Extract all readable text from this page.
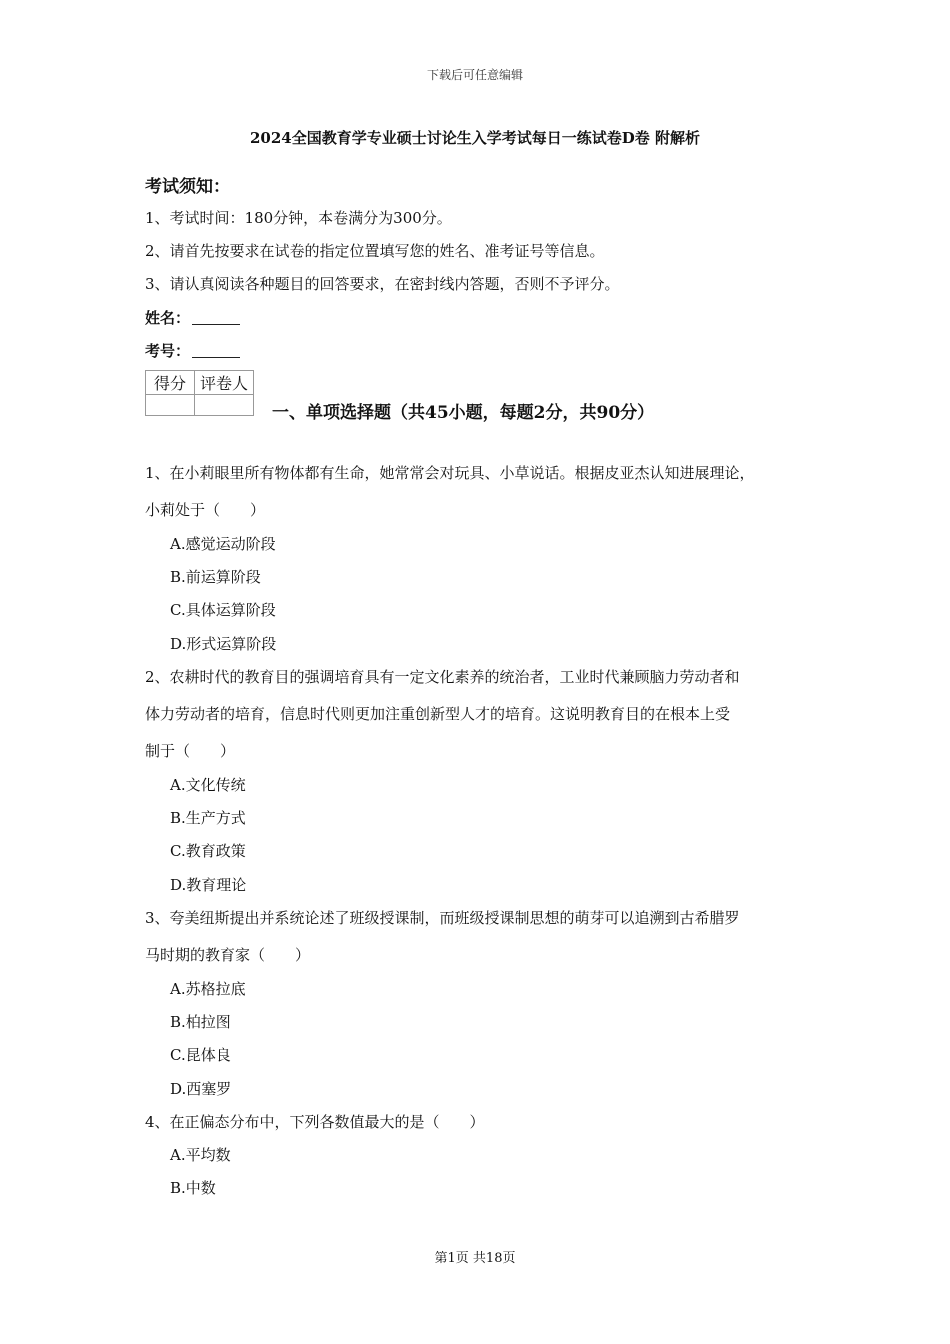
下载后可任意编辑
2024全国教育学专业硕士讨论生入学考试每日一练试卷D卷 附解析
考试须知：
1、考试时间：180分钟，本卷满分为300分。
2、请首先按要求在试卷的指定位置填写您的姓名、准考证号等信息。
3、请认真阅读各种题目的回答要求，在密封线内答题，否则不予评分。
姓名：
考号：
得分	评卷人

一、单项选择题（共45小题，每题2分，共90分）
1、在小莉眼里所有物体都有生命，她常常会对玩具、小草说话。根据皮亚杰认知进展理论，
小莉处于（　　）
A.感觉运动阶段
B.前运算阶段
C.具体运算阶段
D.形式运算阶段
2、农耕时代的教育目的强调培育具有一定文化素养的统治者，工业时代兼顾脑力劳动者和
体力劳动者的培育，信息时代则更加注重创新型人才的培育。这说明教育目的在根本上受
制于（　　）
A.文化传统
B.生产方式
C.教育政策
D.教育理论
3、夸美纽斯提出并系统论述了班级授课制，而班级授课制思想的萌芽可以追溯到古希腊罗
马时期的教育家（　　）
A.苏格拉底
B.柏拉图
C.昆体良
D.西塞罗
4、在正偏态分布中，下列各数值最大的是（　　）
A.平均数
B.中数
第1页 共18页
